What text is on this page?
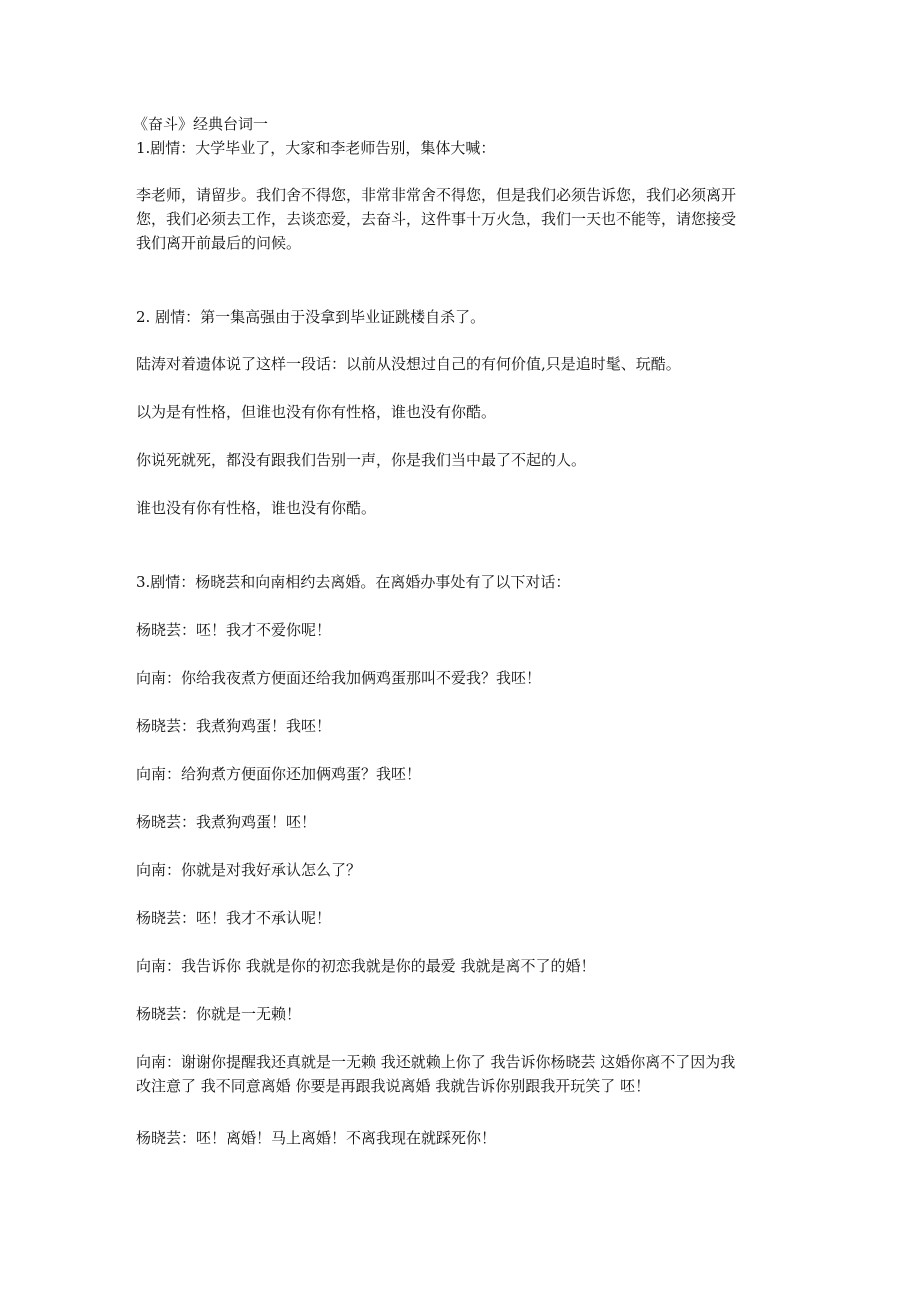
《奋斗》经典台词一
1.剧情：大学毕业了，大家和李老师告别，集体大喊：
李老师，请留步。我们舍不得您，非常非常舍不得您，但是我们必须告诉您，我们必须离开
您，我们必须去工作，去谈恋爱，去奋斗，这件事十万火急，我们一天也不能等，请您接受
我们离开前最后的问候。
2. 剧情：第一集高强由于没拿到毕业证跳楼自杀了。
陆涛对着遗体说了这样一段话：以前从没想过自己的有何价值,只是追时髦、玩酷。
以为是有性格，但谁也没有你有性格，谁也没有你酷。
你说死就死，都没有跟我们告别一声，你是我们当中最了不起的人。
谁也没有你有性格，谁也没有你酷。
3.剧情：杨晓芸和向南相约去离婚。在离婚办事处有了以下对话：
杨晓芸：呸！我才不爱你呢！
向南：你给我夜煮方便面还给我加俩鸡蛋那叫不爱我？我呸！
杨晓芸：我煮狗鸡蛋！我呸！
向南：给狗煮方便面你还加俩鸡蛋？我呸！
杨晓芸：我煮狗鸡蛋！呸！
向南：你就是对我好承认怎么了？
杨晓芸：呸！我才不承认呢！
向南：我告诉你 我就是你的初恋我就是你的最爱 我就是离不了的婚！
杨晓芸：你就是一无赖！
向南：谢谢你提醒我还真就是一无赖 我还就赖上你了 我告诉你杨晓芸 这婚你离不了因为我
改注意了 我不同意离婚 你要是再跟我说离婚 我就告诉你别跟我开玩笑了 呸！
杨晓芸：呸！离婚！马上离婚！不离我现在就踩死你！
